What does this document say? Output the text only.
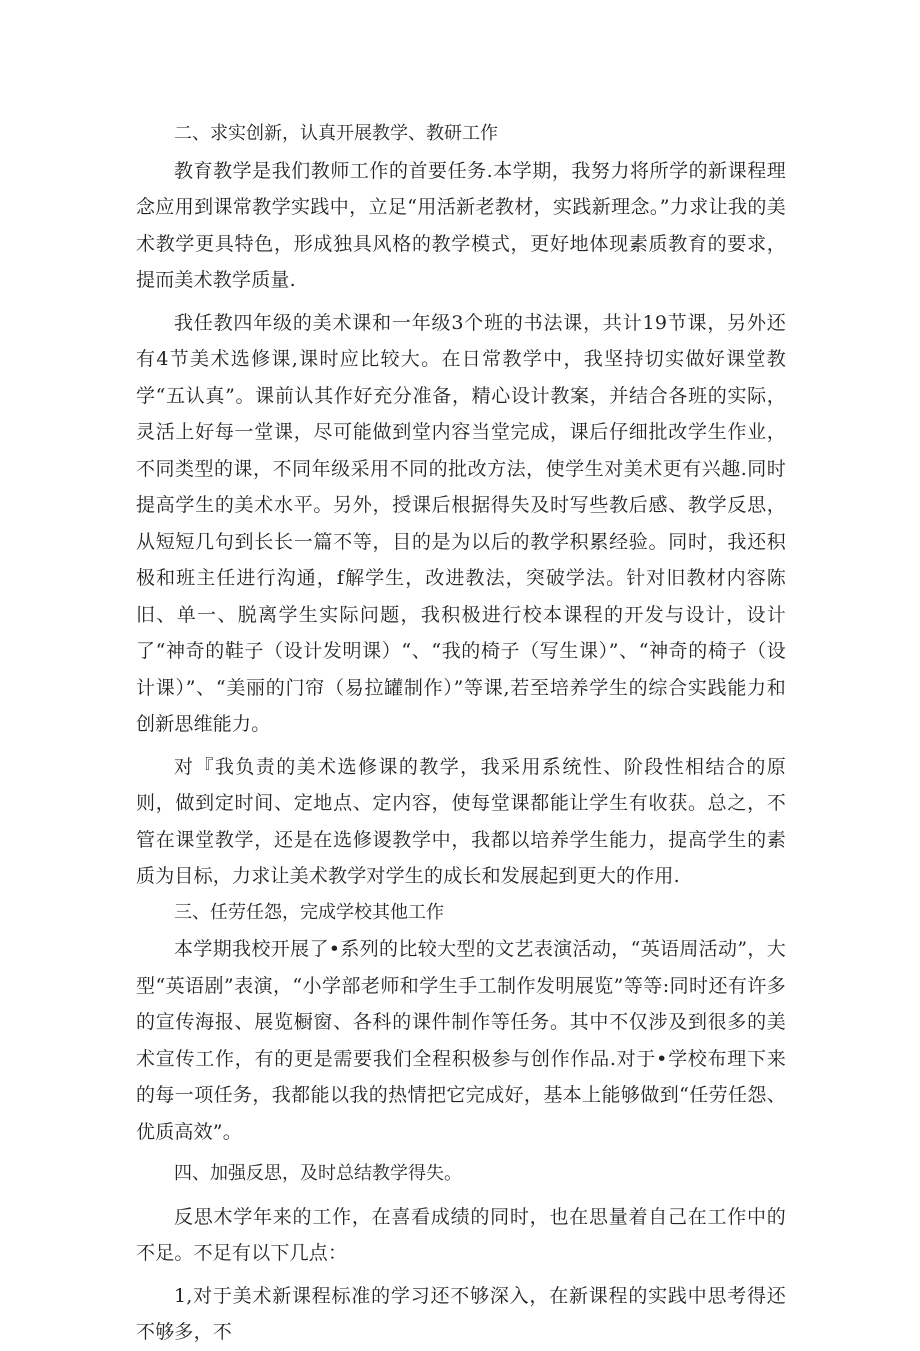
二、求实创新，认真开展教学、教研工作

教育教学是我们教师工作的首要任务.本学期，我努力将所学的新课程理念应用到课常教学实践中，立足“用活新老教材，实践新理念。”力求让我的美术教学更具特色，形成独具风格的教学模式，更好地体现素质教育的要求，提而美术教学质量.

我任教四年级的美术课和一年级3个班的书法课，共计19节课，另外还有4节美术选修课,课时应比较大。在日常教学中，我坚持切实做好课堂教学“五认真”。课前认其作好充分准备，精心设计教案，并结合各班的实际，灵活上好每一堂课，尽可能做到堂内容当堂完成，课后仔细批改学生作业，不同类型的课，不同年级采用不同的批改方法，使学生对美术更有兴趣.同时提高学生的美术水平。另外，授课后根据得失及时写些教后感、教学反思，从短短几句到长长一篇不等，目的是为以后的教学积累经验。同时，我还积极和班主任进行沟通，f解学生，改进教法，突破学法。针对旧教材内容陈旧、单一、脱离学生实际问题，我积极进行校本课程的开发与设计，设计了“神奇的鞋子（设计发明课）“、“我的椅子（写生课）”、“神奇的椅子（设计课）”、“美丽的门帘（易拉罐制作）”等课,若至培养学生的综合实践能力和创新思维能力。

对『我负责的美术选修课的教学，我采用系统性、阶段性相结合的原则，做到定时间、定地点、定内容，使每堂课都能让学生有收获。总之，不管在课堂教学，还是在选修谡教学中，我都以培养学生能力，提高学生的素质为目标，力求让美术教学对学生的成长和发展起到更大的作用.

三、任劳任怨，完成学校其他工作

本学期我校开展了•系列的比较大型的文艺表演活动，“英语周活动”，大型“英语剧”表演，“小学部老师和学生手工制作发明展览”等等:同时还有许多的宣传海报、展览橱窗、各科的课件制作等任务。其中不仅涉及到很多的美术宣传工作，有的更是需要我们全程积极参与创作作品.对于•学校布理下来的每一项任务，我都能以我的热情把它完成好，基本上能够做到“任劳任怨、优质高效”。

四、加强反思，及时总结教学得失。

反思木学年来的工作，在喜看成绩的同时，也在思量着自己在工作中的不足。不足有以下几点：

1,对于美术新课程标准的学习还不够深入，在新课程的实践中思考得还不够多，不
